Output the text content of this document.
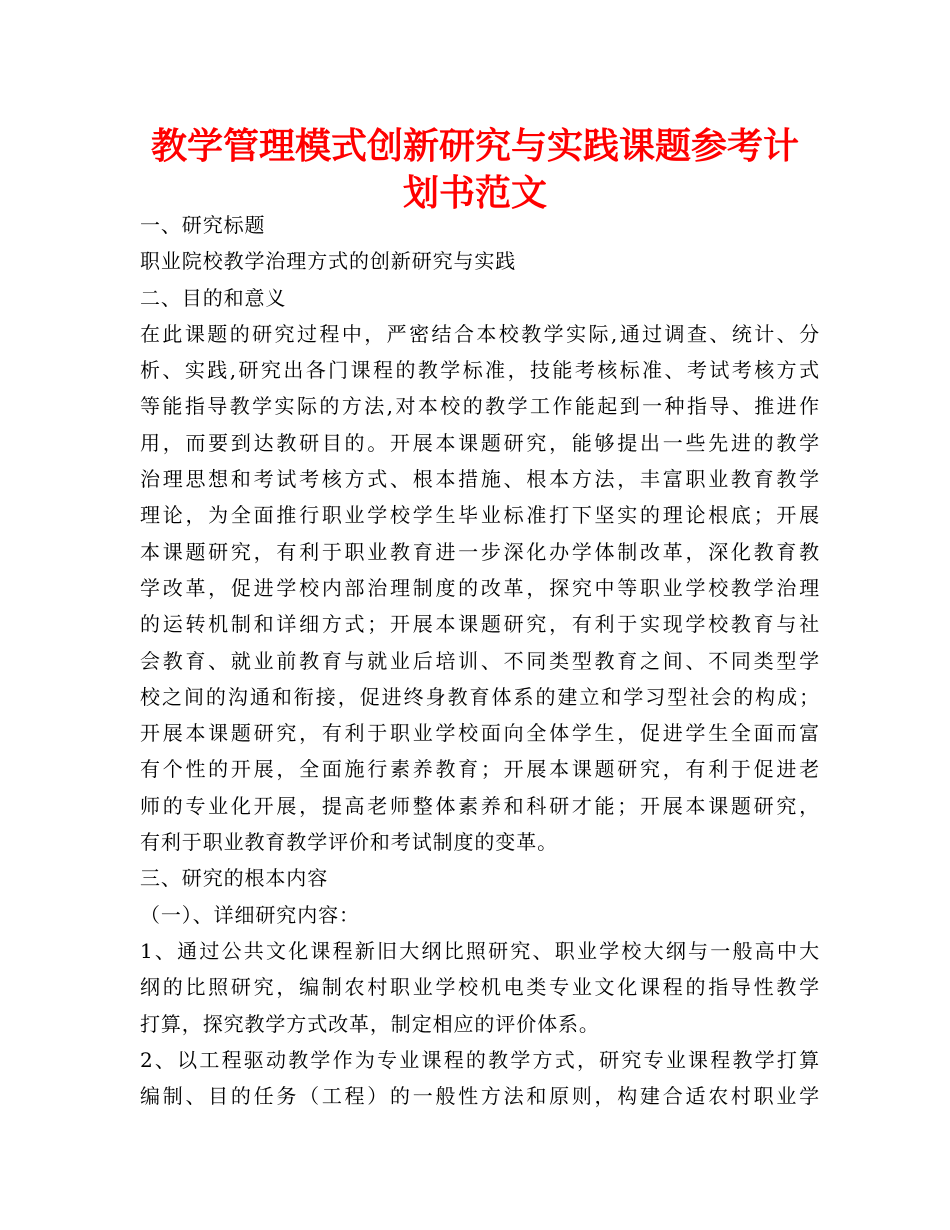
教学管理模式创新研究与实践课题参考计
划书范文
一、研究标题
职业院校教学治理方式的创新研究与实践
二、目的和意义
在此课题的研究过程中，严密结合本校教学实际,通过调查、统计、分
析、实践,研究出各门课程的教学标准，技能考核标准、考试考核方式
等能指导教学实际的方法,对本校的教学工作能起到一种指导、推进作
用，而要到达教研目的。开展本课题研究，能够提出一些先进的教学
治理思想和考试考核方式、根本措施、根本方法，丰富职业教育教学
理论，为全面推行职业学校学生毕业标准打下坚实的理论根底；开展
本课题研究，有利于职业教育进一步深化办学体制改革，深化教育教
学改革，促进学校内部治理制度的改革，探究中等职业学校教学治理
的运转机制和详细方式；开展本课题研究，有利于实现学校教育与社
会教育、就业前教育与就业后培训、不同类型教育之间、不同类型学
校之间的沟通和衔接，促进终身教育体系的建立和学习型社会的构成；
开展本课题研究，有利于职业学校面向全体学生，促进学生全面而富
有个性的开展，全面施行素养教育；开展本课题研究，有利于促进老
师的专业化开展，提高老师整体素养和科研才能；开展本课题研究，
有利于职业教育教学评价和考试制度的变革。
三、研究的根本内容
（一）、详细研究内容：
1、通过公共文化课程新旧大纲比照研究、职业学校大纲与一般高中大
纲的比照研究，编制农村职业学校机电类专业文化课程的指导性教学
打算，探究教学方式改革，制定相应的评价体系。
2、以工程驱动教学作为专业课程的教学方式，研究专业课程教学打算
编制、目的任务（工程）的一般性方法和原则，构建合适农村职业学
